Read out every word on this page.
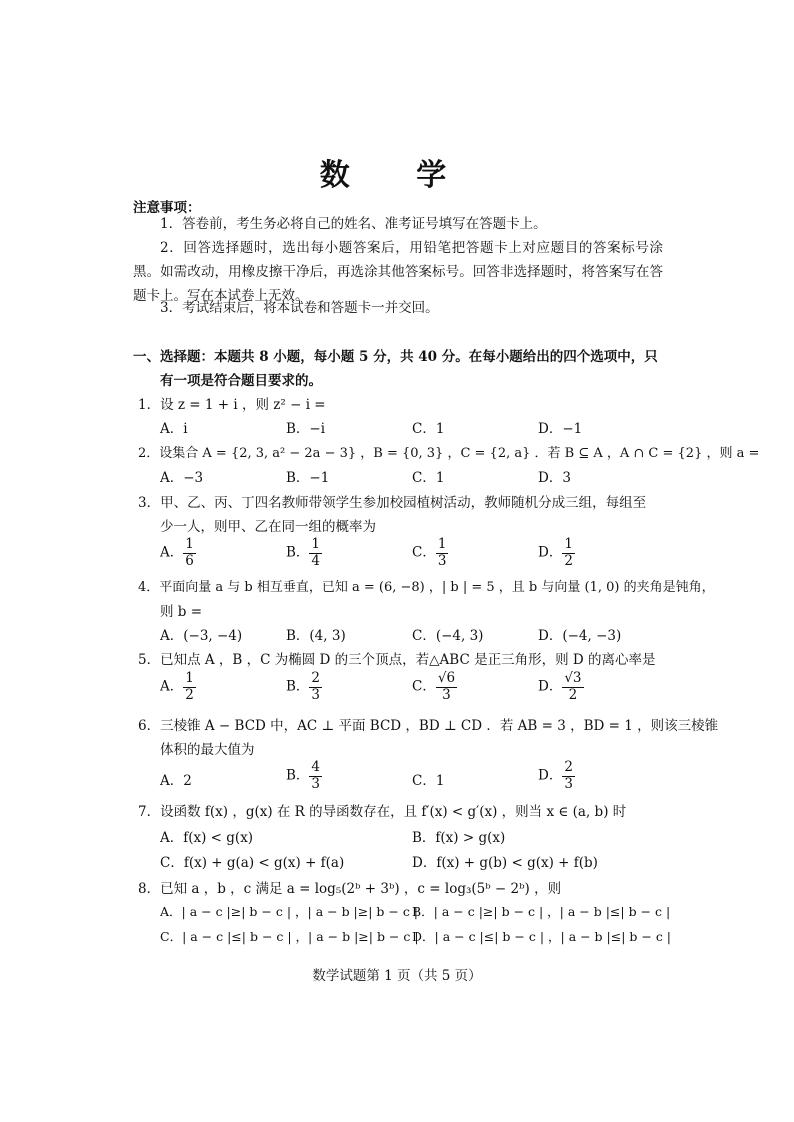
数 学
注意事项：
1．答卷前，考生务必将自己的姓名、准考证号填写在答题卡上。
2．回答选择题时，选出每小题答案后，用铅笔把答题卡上对应题目的答案标号涂黑。如需改动，用橡皮擦干净后，再选涂其他答案标号。回答非选择题时，将答案写在答题卡上。写在本试卷上无效。
3．考试结束后，将本试卷和答题卡一并交回。
一、选择题：本题共 8 小题，每小题 5 分，共 40 分。在每小题给出的四个选项中，只
有一项是符合题目要求的。
1．设 z = 1 + i ，则 z² − i =
A．i	B．−i	C．1	D．−1
2．设集合 A = {2, 3, a² − 2a − 3} ，B = {0, 3} ，C = {2, a} ．若 B ⊆ A ，A ∩ C = {2} ，则 a =
A．−3	B．−1	C．1	D．3
3．甲、乙、丙、丁四名教师带领学生参加校园植树活动，教师随机分成三组，每组至
少一人，则甲、乙在同一组的概率为
A． $\frac{1}{6}$	B． $\frac{1}{4}$	C． $\frac{1}{3}$	D． $\frac{1}{2}$
4．平面向量 a 与 b 相互垂直，已知 a = (6, −8) ，| b | = 5 ，且 b 与向量 (1, 0) 的夹角是钝角，
则 b =
A．(−3, −4)	B．(4, 3)	C．(−4, 3)	D．(−4, −3)
5．已知点 A ，B ，C 为椭圆 D 的三个顶点，若△ABC 是正三角形，则 D 的离心率是
A． $\frac{1}{2}$	B． $\frac{2}{3}$	C． $\frac{√6}{3}$	D． $\frac{√3}{2}$
6．三棱锥 A − BCD 中，AC ⊥ 平面 BCD ，BD ⊥ CD ．若 AB = 3 ，BD = 1 ，则该三棱锥
体积的最大值为
A．2	B． $\frac{4}{3}$	C．1	D． $\frac{2}{3}$
7．设函数 f(x) ，g(x) 在 R 的导函数存在，且 f′(x) < g′(x) ，则当 x ∈ (a, b) 时
A．f(x) < g(x)	B．f(x) > g(x)
C．f(x) + g(a) < g(x) + f(a)	D．f(x) + g(b) < g(x) + f(b)
8．已知 a ，b ，c 满足 a = log₅(2ᵇ + 3ᵇ) ，c = log₃(5ᵇ − 2ᵇ) ，则
A．| a − c |≥| b − c | ，| a − b |≥| b − c |
B．| a − c |≥| b − c | ，| a − b |≤| b − c |
C．| a − c |≤| b − c | ，| a − b |≥| b − c |
D．| a − c |≤| b − c | ，| a − b |≤| b − c |
数学试题第 1 页（共 5 页）
